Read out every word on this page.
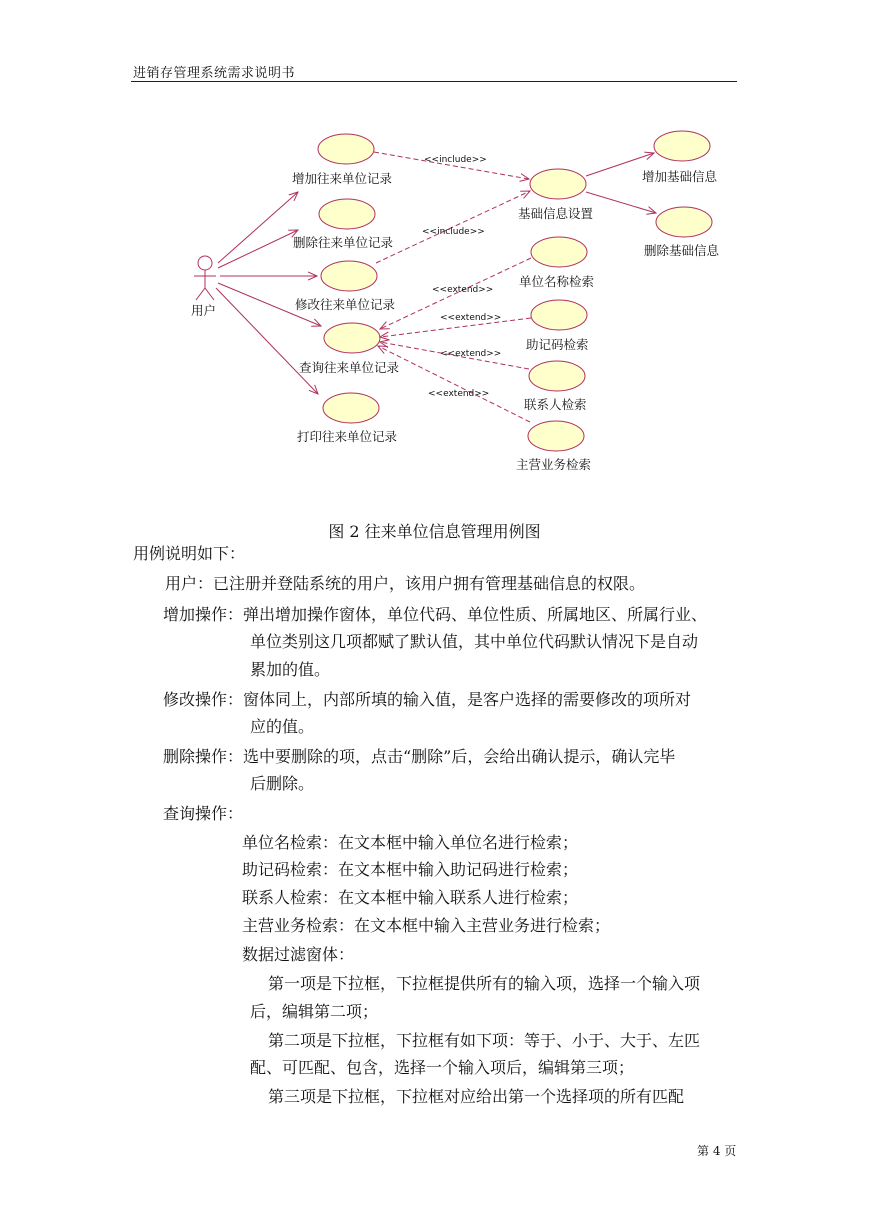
进销存管理系统需求说明书
用户
<<include>>
<<include>>
<<extend>>
<<extend>>
<<extend>>
<<extend>>
增加往来单位记录
删除往来单位记录
修改往来单位记录
查询往来单位记录
打印往来单位记录
基础信息设置
增加基础信息
删除基础信息
单位名称检索
助记码检索
联系人检索
主营业务检索
图 2 往来单位信息管理用例图
用例说明如下：
用户：已注册并登陆系统的用户，该用户拥有管理基础信息的权限。
增加操作：弹出增加操作窗体，单位代码、单位性质、所属地区、所属行业、
单位类别这几项都赋了默认值，其中单位代码默认情况下是自动
累加的值。
修改操作：窗体同上，内部所填的输入值，是客户选择的需要修改的项所对
应的值。
删除操作：选中要删除的项，点击“删除”后，会给出确认提示，确认完毕
后删除。
查询操作：
单位名检索：在文本框中输入单位名进行检索；
助记码检索：在文本框中输入助记码进行检索；
联系人检索：在文本框中输入联系人进行检索；
主营业务检索：在文本框中输入主营业务进行检索；
数据过滤窗体：
第一项是下拉框，下拉框提供所有的输入项，选择一个输入项
后，编辑第二项；
第二项是下拉框，下拉框有如下项：等于、小于、大于、左匹
配、可匹配、包含，选择一个输入项后，编辑第三项；
第三项是下拉框，下拉框对应给出第一个选择项的所有匹配
第 4 页
